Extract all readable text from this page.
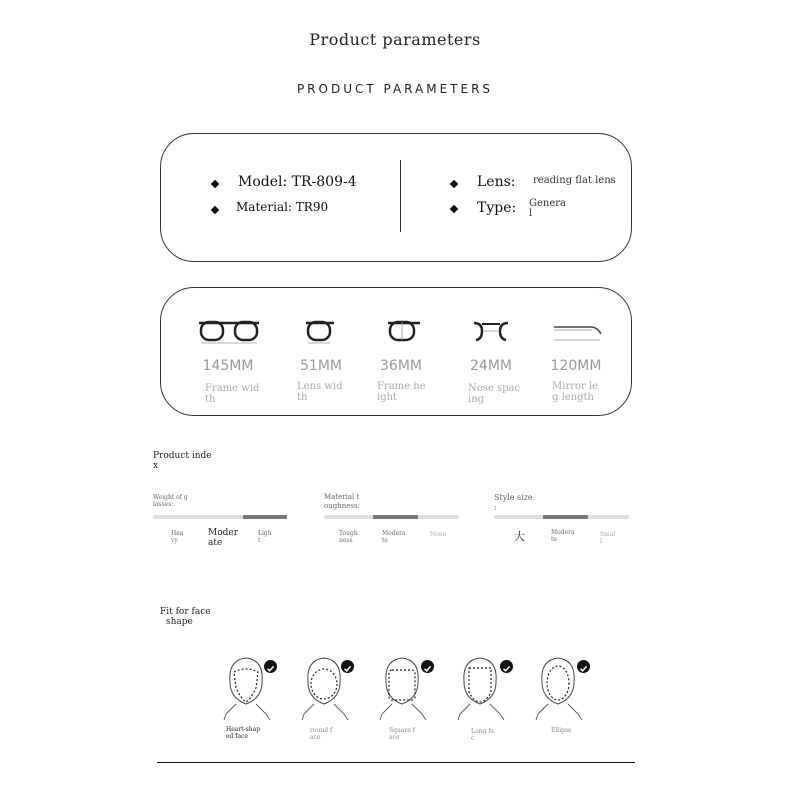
Product parameters
PRODUCT PARAMETERS
Model: TR-809-4
Material: TR90
Lens: reading flat lens
Type: Genera
l
145MM	51MM	36MM	24MM	120MM
Frame wid
th
Lens wid
th
Frame he
ight
Nose spac
ing
Mirror le
g length
Product inde
x
Weight of g
lasses:
Hea
vy
Moder
ate
Ligh
t
Material t
oughness:
Tough
ness
Modera
te
None
Style size
:
大	Modera
te
Smal
l
Fit for face
shape
Heart-shap
ed face
round f
ace
Square f
ace
Long fa
c
Ellipse
